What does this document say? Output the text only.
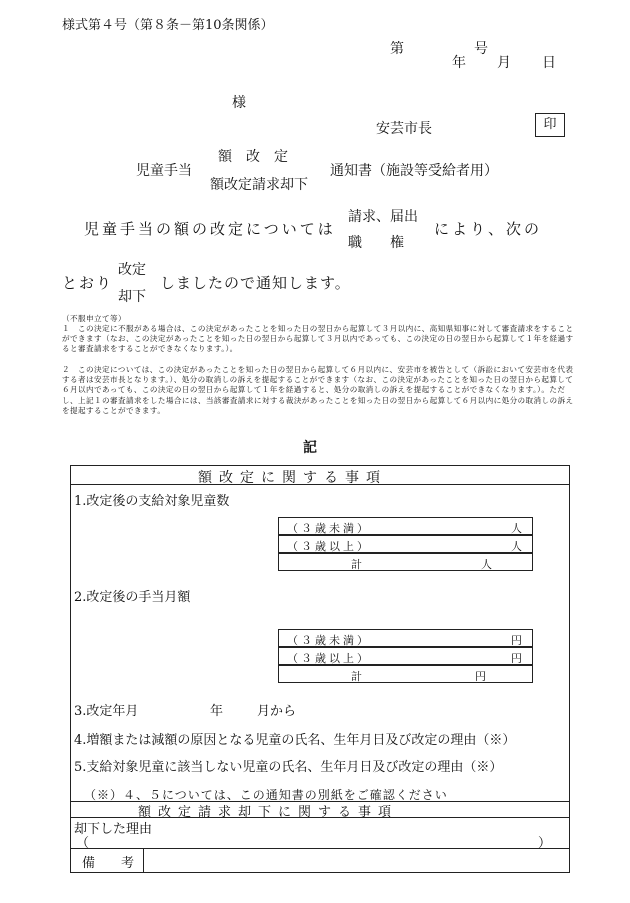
様式第４号（第８条－第10条関係）
第　　　　　号
年　　月　　日
様
安芸市長	印
児童手当
額　改　定
額改定請求却下
通知書（施設等受給者用）
児童手当の額の改定については
請求、届出
職　　権
により、次の
とおり
改定
却下
しましたので通知します。
（不服申立て等）
１　この決定に不服がある場合は、この決定があったことを知った日の翌日から起算して３月以内に、高知県知事に対して審査請求をすることができます（なお、この決定があったことを知った日の翌日から起算して３月以内であっても、この決定の日の翌日から起算して１年を経過すると審査請求をすることができなくなります。）。
２　この決定については、この決定があったことを知った日の翌日から起算して６月以内に、安芸市を被告として（訴訟において安芸市を代表する者は安芸市長となります。）、処分の取消しの訴えを提起することができます（なお、この決定があったことを知った日の翌日から起算して６月以内であっても、この決定の日の翌日から起算して１年を経過すると、処分の取消しの訴えを提起することができなくなります。）。ただし、上記１の審査請求をした場合には、当該審査請求に対する裁決があったことを知った日の翌日から起算して６月以内に処分の取消しの訴えを提起することができます。
記
額改定に関する事項
1.改定後の支給対象児童数
（３歳未満）	人
（３歳以上）	人
計	人
2.改定後の手当月額
（３歳未満）	円
（３歳以上）	円
計	円
3.改定年月	年	月から
4.増額または減額の原因となる児童の氏名、生年月日及び改定の理由（※）
5.支給対象児童に該当しない児童の氏名、生年月日及び改定の理由（※）
（※）４、５については、この通知書の別紙をご確認ください
額改定請求却下に関する事項
却下した理由
（	）
備　　考
